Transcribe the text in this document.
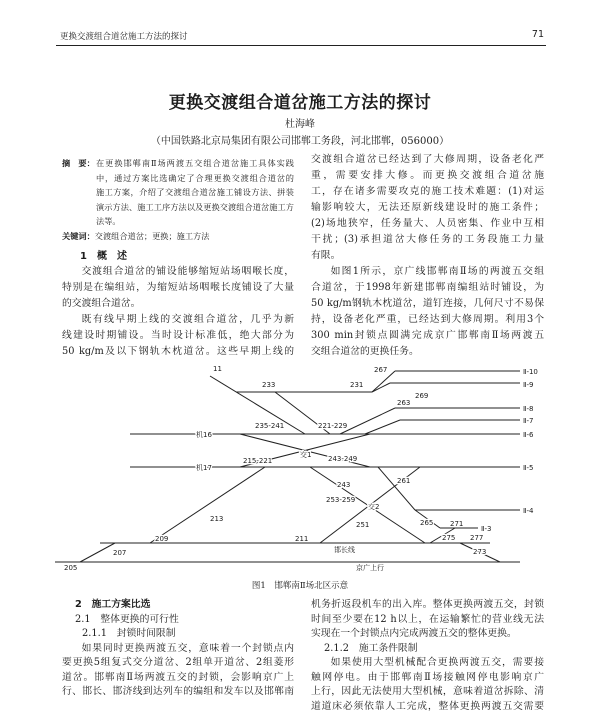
更换交渡组合道岔施工方法的探讨	71
更换交渡组合道岔施工方法的探讨
杜海峰
（中国铁路北京局集团有限公司邯郸工务段，河北邯郸，056000）
摘　要： 在更换邯郸南Ⅱ场两渡五交组合道岔施工具体实践
中，通过方案比选确定了合理更换交渡组合道岔的
施工方案，介绍了交渡组合道岔施工铺设方法、拼装
演示方法、施工工序方法以及更换交渡组合道岔施工方
法等。
关键词：交渡组合道岔；更换；施工方法
1　概　述
交渡组合道岔的铺设能够缩短站场咽喉长度，
特别是在编组站，为缩短站场咽喉长度铺设了大量
的交渡组合道岔。
既有线早期上线的交渡组合道岔，几乎为新
线建设时期铺设。当时设计标准低，绝大部分为
50 kg/m及以下钢轨木枕道岔。这些早期上线的
交渡组合道岔已经达到了大修周期，设备老化严
重，需要安排大修。而更换交渡组合道岔施
工，存在诸多需要攻克的施工技术难题：(1)对运
输影响较大，无法还原新线建设时的施工条件；
(2)场地狭窄，任务量大、人员密集、作业中互相
干扰；(3)承担道岔大修任务的工务段施工力量
有限。
如图1所示，京广线邯郸南Ⅱ场的两渡五交组
合道岔，于1998年新建邯郸南编组站时铺设，为
50 kg/m钢轨木枕道岔，道钉连接，几何尺寸不易保
持，设备老化严重，已经达到大修周期。利用3个
300 min封锁点圆满完成京广邯郸南Ⅱ场两渡五
交组合道岔的更换任务。
Ⅱ-10
Ⅱ-9
Ⅱ-8
Ⅱ-7
Ⅱ-6
Ⅱ-5
Ⅱ-4
Ⅱ-3
机16
机17
11
233	231
267
263
269
235-241	221-229
交1
215-221	243-249
243	261
253-259
交2
213
251	265 271
209	211	275 277
邯长线
207	273
京广上行
205
图1　邯郸南Ⅱ场北区示意
2　施工方案比选
2.1　整体更换的可行性
2.1.1　封锁时间限制
如果同时更换两渡五交，意味着一个封锁点内
要更换5组复式交分道岔、2组单开道岔、2组菱形
道岔。邯郸南Ⅱ场两渡五交的封锁，会影响京广上
行、邯长、邯济线到达列车的编组和发车以及邯郸南
机务折返段机车的出入库。整体更换两渡五交，封锁
时间至少要在12 h以上，在运输繁忙的营业线无法
实现在一个封锁点内完成两渡五交的整体更换。
2.1.2　施工条件限制
如果使用大型机械配合更换两渡五交，需要接
触网停电。由于邯郸南Ⅱ场接触网停电影响京广
上行，因此无法使用大型机械，意味着道岔拆除、清
道道床必须依靠人工完成，整体更换两渡五交需要
